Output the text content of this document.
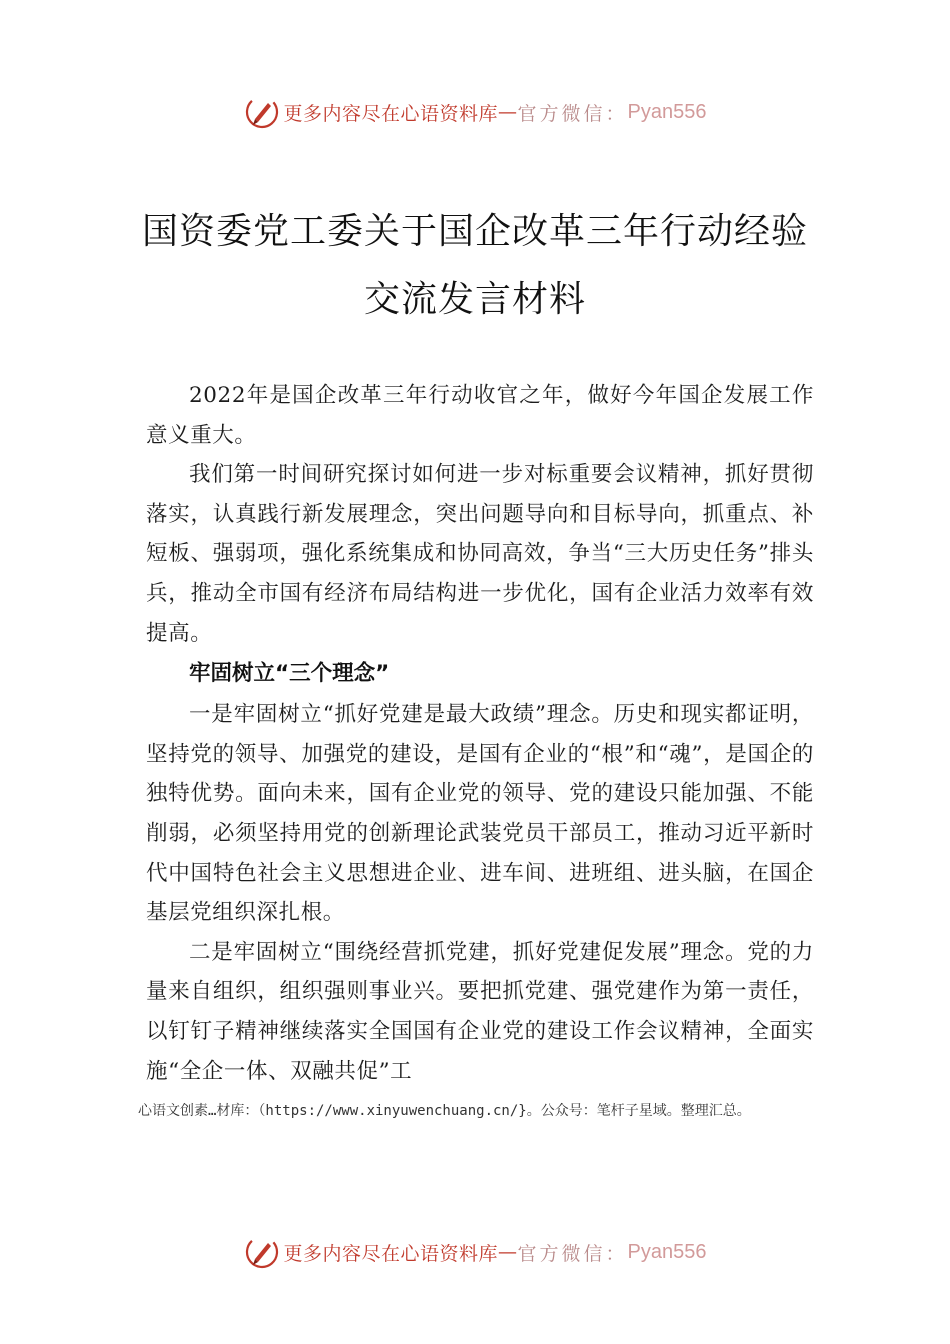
更多内容尽在心语资料库 — 官方微信： Pyan556
国资委党工委关于国企改革三年行动经验
交流发言材料

2022年是国企改革三年行动收官之年，做好今年国企发展工作意义重大。

我们第一时间研究探讨如何进一步对标重要会议精神，抓好贯彻落实，认真践行新发展理念，突出问题导向和目标导向，抓重点、补短板、强弱项，强化系统集成和协同高效，争当“三大历史任务”排头兵，推动全市国有经济布局结构进一步优化，国有企业活力效率有效提高。

牢固树立“三个理念”

一是牢固树立“抓好党建是最大政绩”理念。历史和现实都证明，坚持党的领导、加强党的建设，是国有企业的“根”和“魂”，是国企的独特优势。面向未来，国有企业党的领导、党的建设只能加强、不能削弱，必须坚持用党的创新理论武装党员干部员工，推动习近平新时代中国特色社会主义思想进企业、进车间、进班组、进头脑，在国企基层党组织深扎根。

二是牢固树立“围绕经营抓党建，抓好党建促发展”理念。党的力量来自组织，组织强则事业兴。要把抓党建、强党建作为第一责任，以钉钉子精神继续落实全国国有企业党的建设工作会议精神，全面实施“全企一体、双融共促”工

心语文创素…材库：（https://www.xinyuwenchuang.cn/}。公众号：笔杆子星域。整理汇总。
更多内容尽在心语资料库 — 官方微信： Pyan556
